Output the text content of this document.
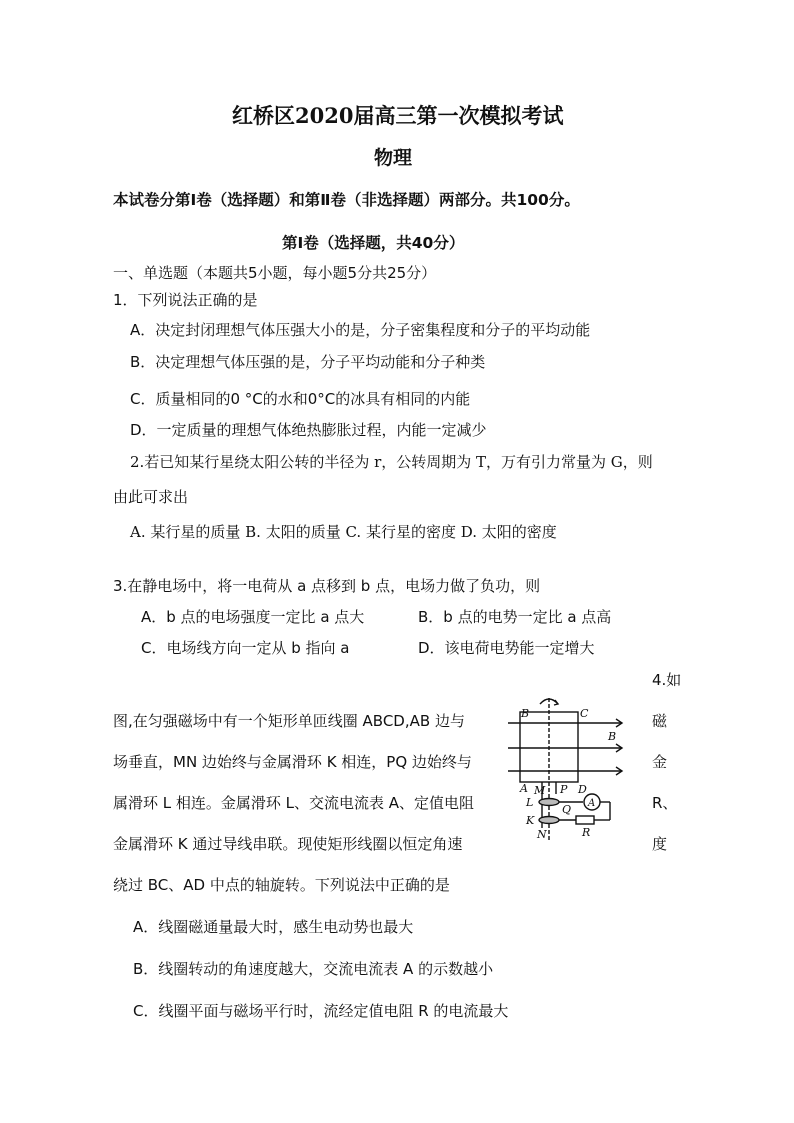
红桥区2020届高三第一次模拟考试
物理
本试卷分第Ⅰ卷（选择题）和第Ⅱ卷（非选择题）两部分。共100分。
第Ⅰ卷（选择题，共40分）
一、单选题（本题共5小题，每小题5分共25分）
1．下列说法正确的是
A．决定封闭理想气体压强大小的是，分子密集程度和分子的平均动能
B．决定理想气体压强的是，分子平均动能和分子种类
C．质量相同的0 °C的水和0°C的冰具有相同的内能
D．一定质量的理想气体绝热膨胀过程，内能一定减少
2.若已知某行星绕太阳公转的半径为 r，公转周期为 T，万有引力常量为 G，则
由此可求出
A. 某行星的质量 B. 太阳的质量 C. 某行星的密度 D. 太阳的密度
3.在静电场中，将一电荷从 a 点移到 b 点，电场力做了负功，则
A．b 点的电场强度一定比 a 点大	B．b 点的电势一定比 a 点高
C．电场线方向一定从 b 指向 a	D．该电荷电势能一定增大
4.如
图,在匀强磁场中有一个矩形单匝线圈 ABCD,AB 边与	磁
场垂直，MN 边始终与金属滑环 K 相连，PQ 边始终与	金
属滑环 L 相连。金属滑环 L、交流电流表 A、定值电阻	R、
金属滑环 K 通过导线串联。现使矩形线圈以恒定角速	度
绕过 BC、AD 中点的轴旋转。下列说法中正确的是
A．线圈磁通量最大时，感生电动势也最大
B．线圈转动的角速度越大，交流电流表 A 的示数越小
C．线圈平面与磁场平行时，流经定值电阻 R 的电流最大
B	C
B
A	D
M P
L
Q
K
N	R
A
